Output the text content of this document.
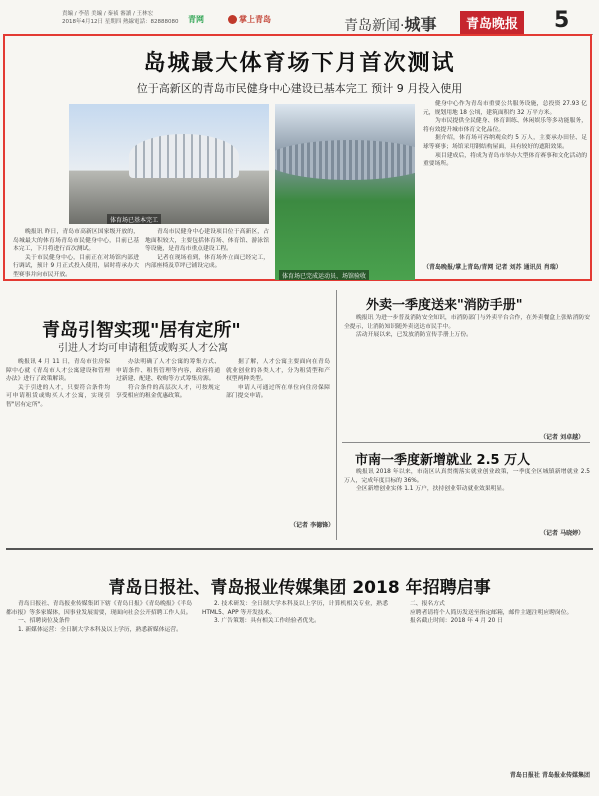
責編 / 李蓓 美編 / 秦祯 審讀 / 王林宏
2018年4月12日 星期四 熱線電話：82888080	青网	掌上青岛	青岛新闻·城事	青岛晚报 5
岛城最大体育场下月首次测试
位于高新区的青岛市民健身中心建设已基本完工 预计 9 月投入使用
体育场已基本完工
体育场已完成运动员、场馆验收

晚报讯 昨日，青岛市高新区国家级开放的，岛城最大的体育场青岛市民健身中心，目前已基本完工，下月将进行首次测试。

关于市民健身中心，目前正在对场馆内部进行调试，预计 9 月正式投入使用，届时将承办大型赛事并向市民开放。

青岛市民健身中心建设项目位于高新区，占地面积较大，主要包括体育场、体育馆、游泳馆等设施，是青岛市重点建设工程。

记者在现场看到，体育场外立面已经完工，内部座椅及草坪已铺设完成。

健身中心作为青岛市重要公共服务设施，总投资 27.93 亿元，规划用地 18 公顷，建筑面积约 32 万平方米。

为市民提供全民健身、体育训练、休闲娱乐等多功能服务，将有效提升城市体育文化品位。

据介绍，体育场可容纳观众约 5 万人，主要承办田径、足球等赛事；场馆采用钢结构屋面，具有较好的遮阳效果。

项目建成后，将成为青岛市举办大型体育赛事和文化活动的重要场所。

（青岛晚报/掌上青岛/青网 记者 刘苏 通讯员 肖瑞）
青岛引智实现"居有定所"
引进人才均可申请租赁或购买人才公寓

晚报讯 4 月 11 日，青岛市住房保障中心就《青岛市人才公寓建设和管理办法》进行了政策解读。

关于引进的人才，只要符合条件均可申请租赁或购买人才公寓，实现引智"居有定所"。

办法明确了人才公寓的筹集方式、申请条件、租售管理等内容，政府将通过新建、配建、收购等方式筹集房源。

符合条件的高层次人才，可按规定享受相应的租金优惠政策。

据了解，人才公寓主要面向在青岛就业创业的各类人才，分为租赁型和产权型两种类型。

申请人可通过所在单位向住房保障部门提交申请。

（记者 李德锋）
外卖一季度送来"消防手册"

晚报讯 为进一步普及消防安全知识，市消防部门与外卖平台合作，在外卖餐盒上张贴消防安全提示，让消防知识随外卖送达市民手中。

活动开展以来，已发放消防宣传手册上万份。

（记者 刘卓越）
市南一季度新增就业 2.5 万人

晚报讯 2018 年以来，市南区认真贯彻落实就业创业政策，一季度全区城镇新增就业 2.5 万人，完成年度目标的 36%。

全区新增创业实体 1.1 万户，扶持创业带动就业效果明显。

（记者 马晓婷）
青岛日报社、青岛报业传媒集团 2018 年招聘启事

青岛日报社、青岛报业传媒集团下辖《青岛日报》《青岛晚报》《半岛都市报》等多家媒体，因事业发展需要，现面向社会公开招聘工作人员。

一、招聘岗位及条件

1. 新媒体运营：全日制大学本科及以上学历，熟悉新媒体运营。

2. 技术研发：全日制大学本科及以上学历，计算机相关专业，熟悉 HTML5、APP 等开发技术。

3. 广告策划：具有相关工作经验者优先。

二、报名方式

应聘者请将个人简历发送至指定邮箱，邮件主题注明应聘岗位。

报名截止时间：2018 年 4 月 20 日

青岛日报社 青岛报业传媒集团
